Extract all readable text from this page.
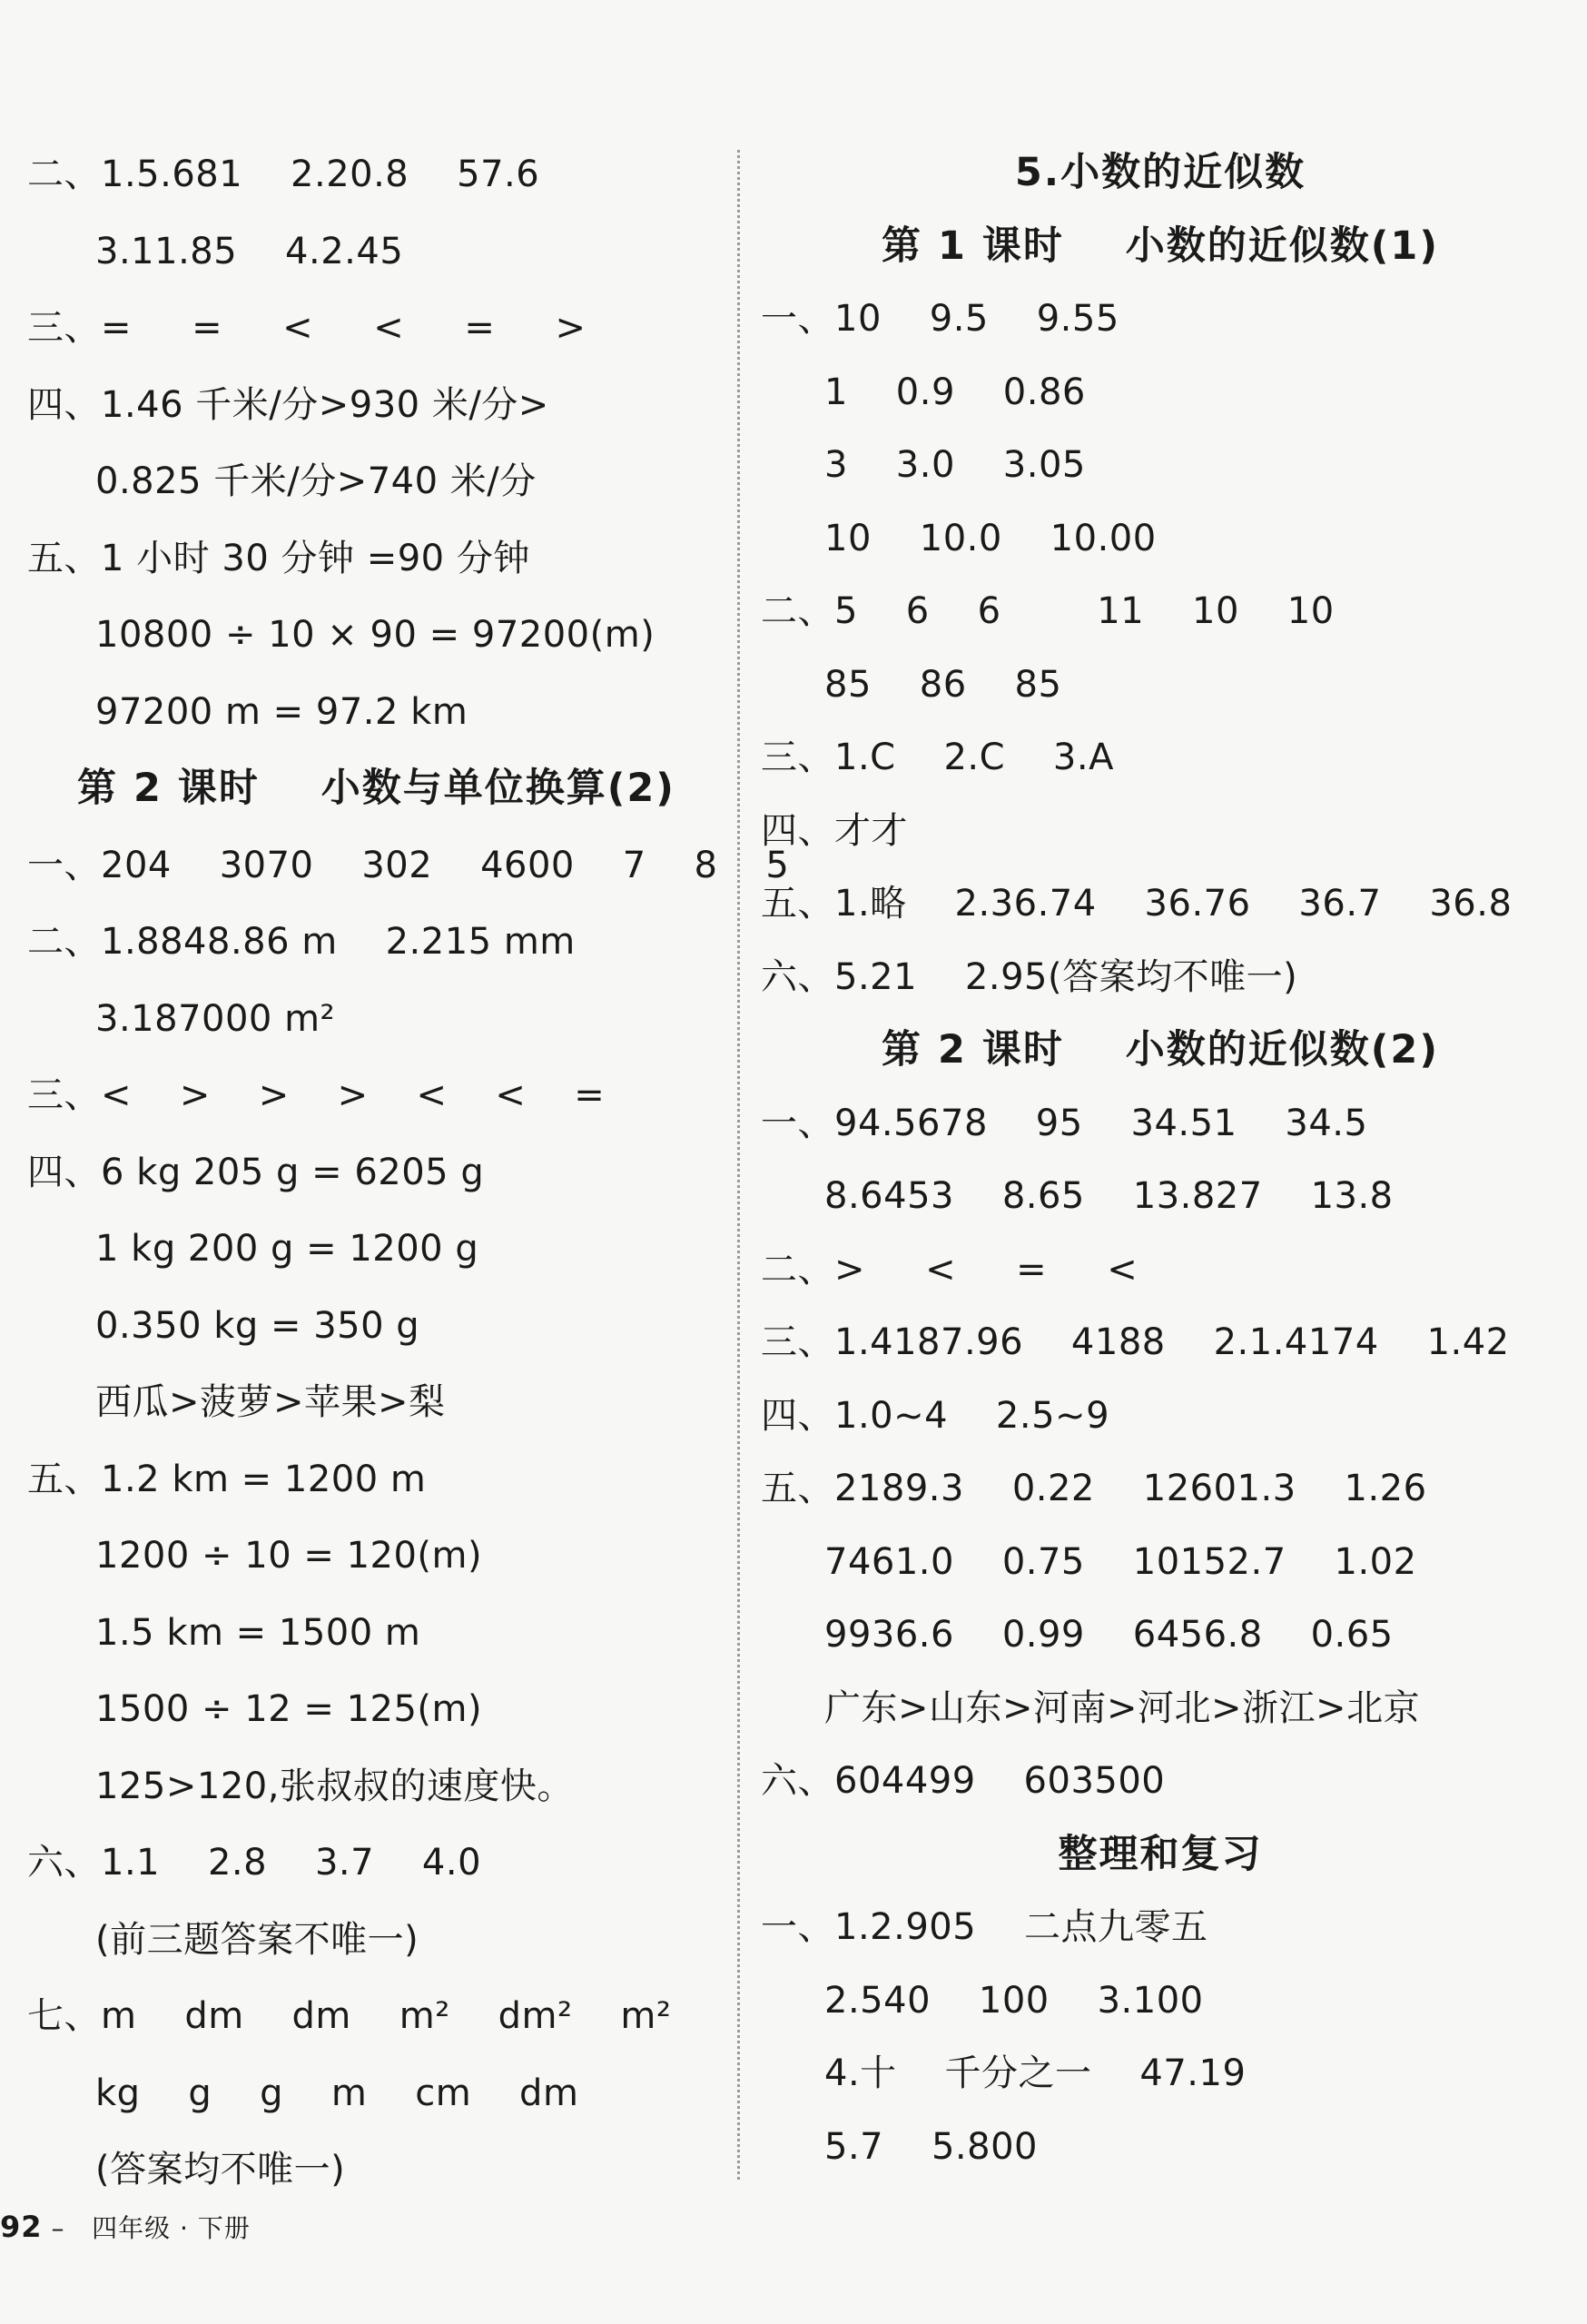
二、1.5.681    2.20.8    57.6
3.11.85    4.2.45
三、=     =     <     <     =     >
四、1.46 千米/分>930 米/分>
0.825 千米/分>740 米/分
五、1 小时 30 分钟 =90 分钟
10800 ÷ 10 × 90 = 97200(m)
97200 m = 97.2 km
第 2 课时    小数与单位换算(2)
一、204    3070    302    4600    7    8    5
二、1.8848.86 m    2.215 mm
3.187000 m²
三、<    >    >    >    <    <    =
四、6 kg 205 g = 6205 g
1 kg 200 g = 1200 g
0.350 kg = 350 g
西瓜>菠萝>苹果>梨
五、1.2 km = 1200 m
1200 ÷ 10 = 120(m)
1.5 km = 1500 m
1500 ÷ 12 = 125(m)
125>120,张叔叔的速度快。
六、1.1    2.8    3.7    4.0
(前三题答案不唯一)
七、m    dm    dm    m²    dm²    m²
kg    g    g    m    cm    dm
(答案均不唯一)
5.小数的近似数
第 1 课时    小数的近似数(1)
一、10    9.5    9.55
1    0.9    0.86
3    3.0    3.05
10    10.0    10.00
二、5    6    6        11    10    10
85    86    85
三、1.C    2.C    3.A
四、才才
五、1.略    2.36.74    36.76    36.7    36.8
六、5.21    2.95(答案均不唯一)
第 2 课时    小数的近似数(2)
一、94.5678    95    34.51    34.5
8.6453    8.65    13.827    13.8
二、>     <     =     <
三、1.4187.96    4188    2.1.4174    1.42
四、1.0~4    2.5~9
五、2189.3    0.22    12601.3    1.26
7461.0    0.75    10152.7    1.02
9936.6    0.99    6456.8    0.65
广东>山东>河南>河北>浙江>北京
六、604499    603500
整理和复习
一、1.2.905    二点九零五
2.540    100    3.100
4.十    千分之一    47.19
5.7    5.800
92 – 四年级 · 下册
